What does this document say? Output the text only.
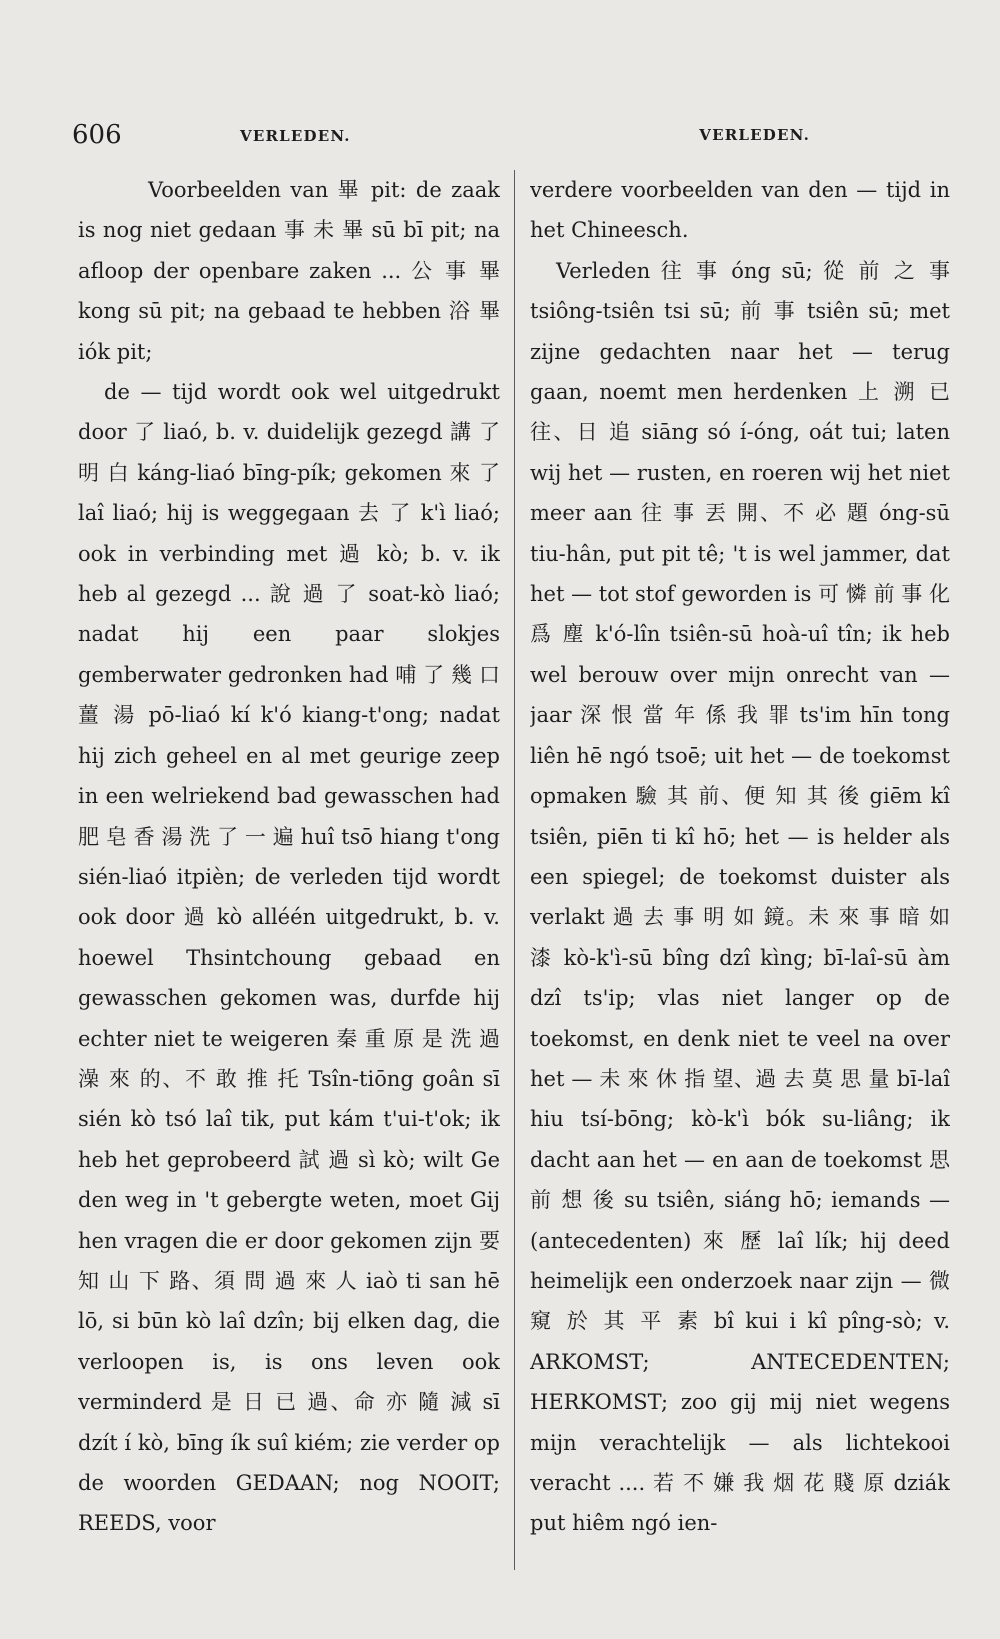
606	VERLEDEN.	VERLEDEN.

Voorbeelden van 畢 pit: de zaak is nog niet gedaan 事 未 畢 sū bī pit; na afloop der openbare zaken ... 公 事 畢 kong sū pit; na gebaad te hebben 浴 畢 iók pit;

de — tijd wordt ook wel uitgedrukt door 了 liaó, b. v. duidelijk gezegd 講 了 明 白 káng-liaó bīng-pík; gekomen 來 了 laî liaó; hij is weggegaan 去 了 k'ì liaó; ook in verbinding met 過 kò; b. v. ik heb al gezegd ... 說 過 了 soat-kò liaó; nadat hij een paar slokjes gemberwater gedronken had 哺 了 幾 口 薑 湯 pō-liaó kí k'ó kiang-t'ong; nadat hij zich geheel en al met geurige zeep in een welriekend bad gewasschen had 肥 皂 香 湯 洗 了 一 遍 huî tsō hiang t'ong sién-liaó itpièn; de verleden tijd wordt ook door 過 kò alléén uitgedrukt, b. v. hoewel Thsintchoung gebaad en gewasschen gekomen was, durfde hij echter niet te weigeren 秦 重 原 是 洗 過 澡 來 的、不 敢 推 托 Tsîn-tiōng goân sī sién kò tsó laî tik, put kám t'ui-t'ok; ik heb het geprobeerd 試 過 sì kò; wilt Ge den weg in 't gebergte weten, moet Gij hen vragen die er door gekomen zijn 要 知 山 下 路、須 問 過 來 人 iaò ti san hē lō, si būn kò laî dzîn; bij elken dag, die verloopen is, is ons leven ook verminderd 是 日 已 過、命 亦 隨 減 sī dzít í kò, bīng ík suî kiém; zie verder op de woorden GEDAAN; nog NOOIT; REEDS, voor

verdere voorbeelden van den — tijd in het Chineesch.

Verleden 往 事 óng sū; 從 前 之 事 tsiông-tsiên tsi sū; 前 事 tsiên sū; met zijne gedachten naar het — terug gaan, noemt men herdenken 上 溯 已 往、日 追 siāng só í-óng, oát tui; laten wij het — rusten, en roeren wij het niet meer aan 往 事 丟 開、不 必 題 óng-sū tiu-hân, put pit tê; 't is wel jammer, dat het — tot stof geworden is 可 憐 前 事 化 爲 塵 k'ó-lîn tsiên-sū hoà-uî tîn; ik heb wel berouw over mijn onrecht van — jaar 深 恨 當 年 係 我 罪 ts'im hīn tong liên hē ngó tsoē; uit het — de toekomst opmaken 驗 其 前、便 知 其 後 giēm kî tsiên, piēn ti kî hō; het — is helder als een spiegel; de toekomst duister als verlakt 過 去 事 明 如 鏡。未 來 事 暗 如 漆 kò-k'ì-sū bîng dzî kìng; bī-laî-sū àm dzî ts'ip; vlas niet langer op de toekomst, en denk niet te veel na over het — 未 來 休 指 望、過 去 莫 思 量 bī-laî hiu tsí-bōng; kò-k'ì bók su-liâng; ik dacht aan het — en aan de toekomst 思 前 想 後 su tsiên, siáng hō; iemands — (antecedenten) 來 歷 laî lík; hij deed heimelijk een onderzoek naar zijn — 微 窺 於 其 平 素 bî kui i kî pîng-sò; v. ARKOMST; ANTECEDENTEN; HERKOMST; zoo gij mij niet wegens mijn verachtelijk — als lichtekooi veracht .... 若 不 嫌 我 烟 花 賤 原 dziák put hiêm ngó ien-
